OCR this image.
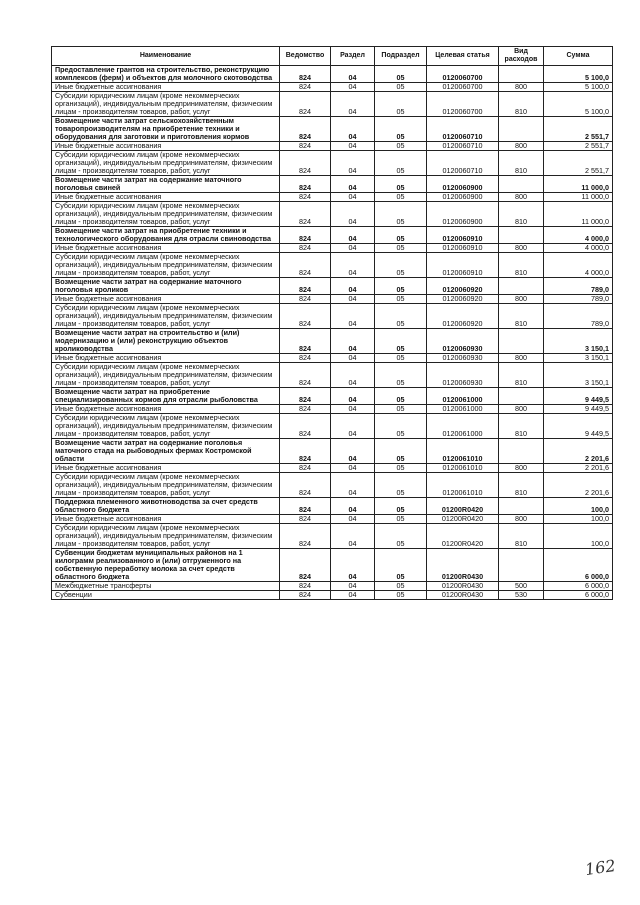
Наименование	Ведомство	Раздел	Подраздел	Целевая статья	Вид расходов	Сумма
Предоставление грантов на строительство, реконструкцию комплексов (ферм) и объектов для молочного скотоводства	824	04	05	0120060700		5 100,0
Иные бюджетные ассигнования	824	04	05	0120060700	800	5 100,0
Субсидии юридическим лицам (кроме некоммерческих организаций), индивидуальным предпринимателям, физическим лицам - производителям товаров, работ, услуг	824	04	05	0120060700	810	5 100,0
Возмещение части затрат сельскохозяйственным товаропроизводителям на приобретение техники и оборудования для заготовки и приготовления кормов	824	04	05	0120060710		2 551,7
Иные бюджетные ассигнования	824	04	05	0120060710	800	2 551,7
Субсидии юридическим лицам (кроме некоммерческих организаций), индивидуальным предпринимателям, физическим лицам - производителям товаров, работ, услуг	824	04	05	0120060710	810	2 551,7
Возмещение части затрат на содержание маточного поголовья свиней	824	04	05	0120060900		11 000,0
Иные бюджетные ассигнования	824	04	05	0120060900	800	11 000,0
Субсидии юридическим лицам (кроме некоммерческих организаций), индивидуальным предпринимателям, физическим лицам - производителям товаров, работ, услуг	824	04	05	0120060900	810	11 000,0
Возмещение части затрат на приобретение техники и технологического оборудования для отрасли свиноводства	824	04	05	0120060910		4 000,0
Иные бюджетные ассигнования	824	04	05	0120060910	800	4 000,0
Субсидии юридическим лицам (кроме некоммерческих организаций), индивидуальным предпринимателям, физическим лицам - производителям товаров, работ, услуг	824	04	05	0120060910	810	4 000,0
Возмещение части затрат на содержание маточного поголовья кроликов	824	04	05	0120060920		789,0
Иные бюджетные ассигнования	824	04	05	0120060920	800	789,0
Субсидии юридическим лицам (кроме некоммерческих организаций), индивидуальным предпринимателям, физическим лицам - производителям товаров, работ, услуг	824	04	05	0120060920	810	789,0
Возмещение части затрат на строительство и (или) модернизацию и (или) реконструкцию объектов кролиководства	824	04	05	0120060930		3 150,1
Иные бюджетные ассигнования	824	04	05	0120060930	800	3 150,1
Субсидии юридическим лицам (кроме некоммерческих организаций), индивидуальным предпринимателям, физическим лицам - производителям товаров, работ, услуг	824	04	05	0120060930	810	3 150,1
Возмещение части затрат на приобретение специализированных кормов для отрасли рыболовства	824	04	05	0120061000		9 449,5
Иные бюджетные ассигнования	824	04	05	0120061000	800	9 449,5
Субсидии юридическим лицам (кроме некоммерческих организаций), индивидуальным предпринимателям, физическим лицам - производителям товаров, работ, услуг	824	04	05	0120061000	810	9 449,5
Возмещение части затрат на содержание поголовья маточного стада на рыбоводных фермах Костромской области	824	04	05	0120061010		2 201,6
Иные бюджетные ассигнования	824	04	05	0120061010	800	2 201,6
Субсидии юридическим лицам (кроме некоммерческих организаций), индивидуальным предпринимателям, физическим лицам - производителям товаров, работ, услуг	824	04	05	0120061010	810	2 201,6
Поддержка племенного животноводства за счет средств областного бюджета	824	04	05	01200R0420		100,0
Иные бюджетные ассигнования	824	04	05	01200R0420	800	100,0
Субсидии юридическим лицам (кроме некоммерческих организаций), индивидуальным предпринимателям, физическим лицам - производителям товаров, работ, услуг	824	04	05	01200R0420	810	100,0
Субвенции бюджетам муниципальных районов на 1 килограмм реализованного и (или) отгруженного на собственную переработку молока за счет средств областного бюджета	824	04	05	01200R0430		6 000,0
Межбюджетные трансферты	824	04	05	01200R0430	500	6 000,0
Субвенции	824	04	05	01200R0430	530	6 000,0
162
